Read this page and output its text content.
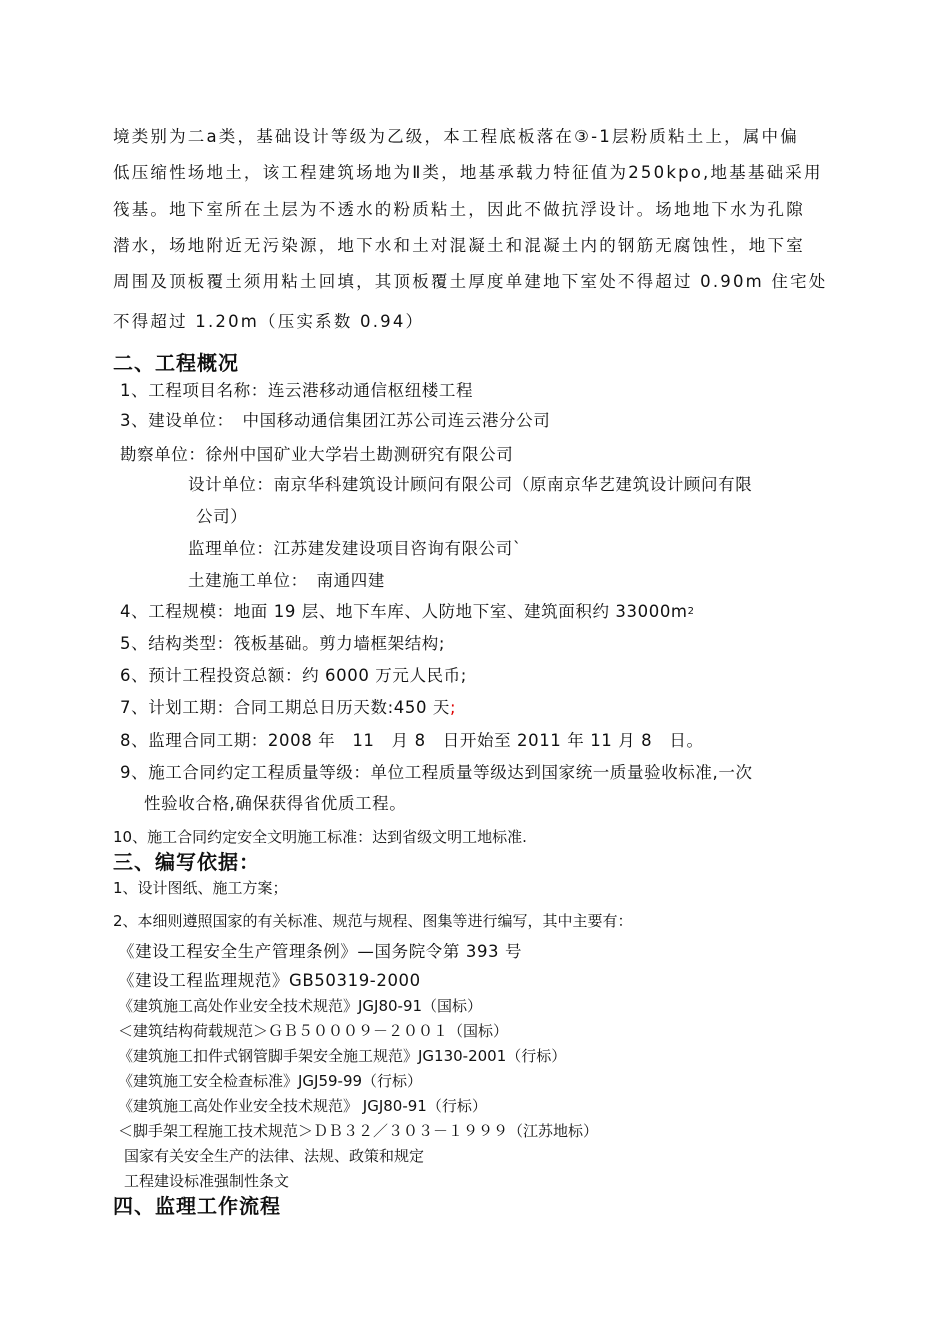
境类别为二a类，基础设计等级为乙级，本工程底板落在③-1层粉质粘土上，属中偏
低压缩性场地土，该工程建筑场地为Ⅱ类，地基承载力特征值为250kpo,地基基础采用
筏基。地下室所在土层为不透水的粉质粘土，因此不做抗浮设计。场地地下水为孔隙
潜水，场地附近无污染源，地下水和土对混凝土和混凝土内的钢筋无腐蚀性，地下室
周围及顶板覆土须用粘土回填，其顶板覆土厚度单建地下室处不得超过 0.90m 住宅处
不得超过 1.20m（压实系数 0.94）
二、工程概况
1、工程项目名称：连云港移动通信枢纽楼工程
3、建设单位：　中国移动通信集团江苏公司连云港分公司
勘察单位：徐州中国矿业大学岩土勘测研究有限公司
设计单位：南京华科建筑设计顾问有限公司（原南京华艺建筑设计顾问有限
公司）
监理单位：江苏建发建设项目咨询有限公司`
土建施工单位：　南通四建
4、工程规模：地面 19 层、地下车库、人防地下室、建筑面积约 $33000m^2$
5、结构类型：筏板基础。剪力墙框架结构;
6、预计工程投资总额：约 6000 万元人民币;
7、计划工期：合同工期总日历天数:450 天;
8、监理合同工期：2008 年　11　月 8　日开始至 2011 年 11 月 8　日。
9、施工合同约定工程质量等级：单位工程质量等级达到国家统一质量验收标准,一次
性验收合格,确保获得省优质工程。
10、施工合同约定安全文明施工标准：达到省级文明工地标准.
三、编写依据：
1、设计图纸、施工方案；
2、本细则遵照国家的有关标准、规范与规程、图集等进行编写，其中主要有：
《建设工程安全生产管理条例》—国务院令第 393 号
《建设工程监理规范》GB50319-2000
《建筑施工高处作业安全技术规范》JGJ80-91（国标）
＜建筑结构荷载规范＞ＧＢ５０００９－２００１（国标）
《建筑施工扣件式钢管脚手架安全施工规范》JG130-2001（行标）
《建筑施工安全检查标准》JGJ59-99（行标）
《建筑施工高处作业安全技术规范》 JGJ80-91（行标）
＜脚手架工程施工技术规范＞ＤＢ３２／３０３－１９９９（江苏地标）
国家有关安全生产的法律、法规、政策和规定
工程建设标准强制性条文
四、监理工作流程
